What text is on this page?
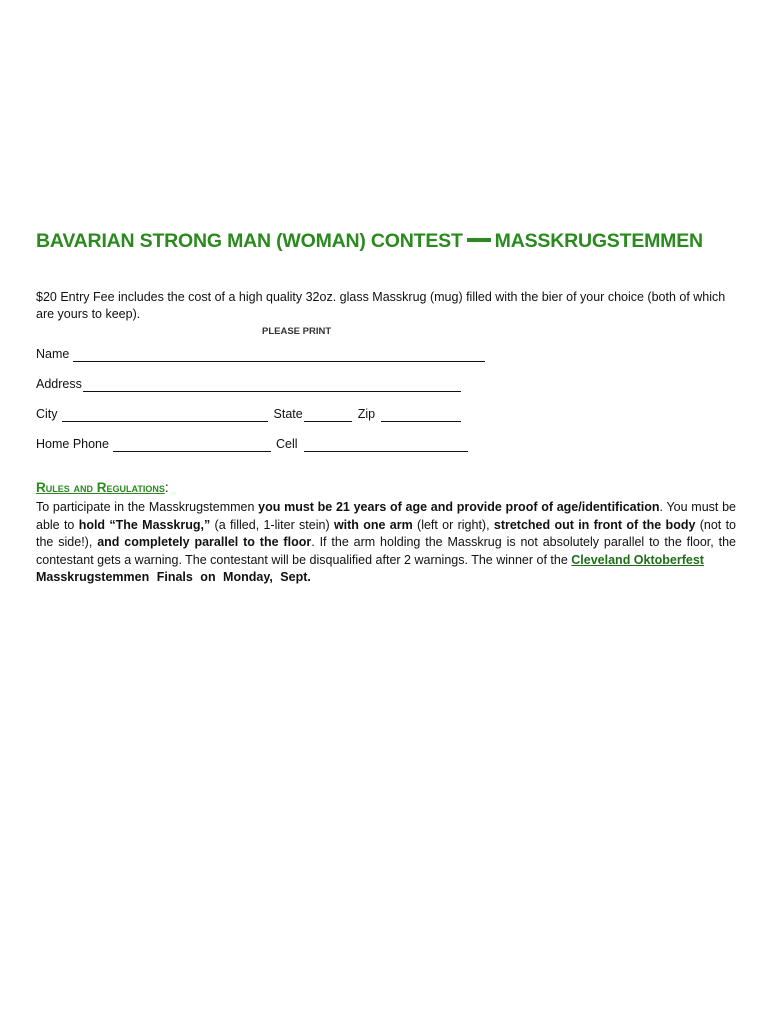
BAVARIAN STRONG MAN (WOMAN) CONTEST MASSKRUGSTEMMEN
$20 Entry Fee includes the cost of a high quality 32oz. glass Masskrug (mug) filled with the bier of your choice (both of which are yours to keep).
PLEASE PRINT
Name
Address
City	State	Zip
Home Phone	Cell
Rules and Regulations:
To participate in the Masskrugstemmen you must be 21 years of age and provide proof of age/identification. You must be able to hold “The Masskrug,” (a filled, 1-liter stein) with one arm (left or right), stretched out in front of the body (not to the side!), and completely parallel to the floor. If the arm holding the Masskrug is not absolutely parallel to the floor, the contestant gets a warning. The contestant will be disqualified after 2 warnings. The winner of the Cleveland Oktoberfest
Masskrugstemmen Finals on Monday, Sept.
